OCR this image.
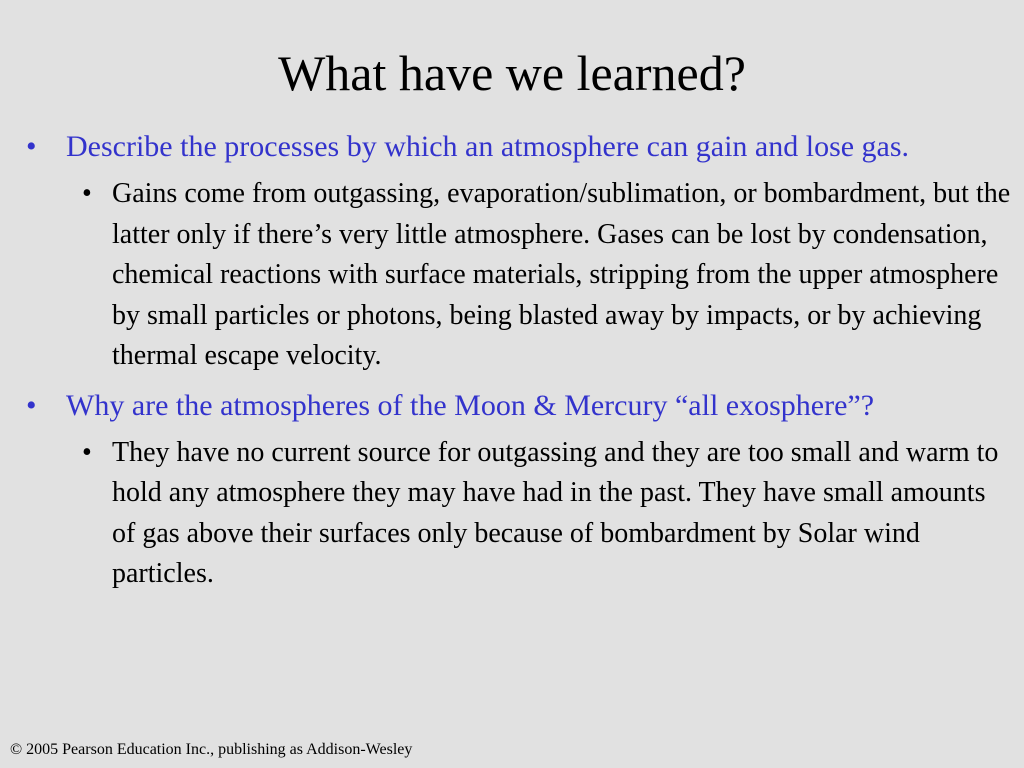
What have we learned?
• Describe the processes by which an atmosphere can gain and lose gas.
• Gains come from outgassing, evaporation/sublimation, or bombardment, but the latter only if there’s very little atmosphere. Gases can be lost by condensation, chemical reactions with surface materials, stripping from the upper atmosphere by small particles or photons, being blasted away by impacts, or by achieving thermal escape velocity.
• Why are the atmospheres of the Moon & Mercury “all exosphere”?
• They have no current source for outgassing and they are too small and warm to hold any atmosphere they may have had in the past. They have small amounts of gas above their surfaces only because of bombardment by Solar wind particles.
© 2005 Pearson Education Inc., publishing as Addison-Wesley
